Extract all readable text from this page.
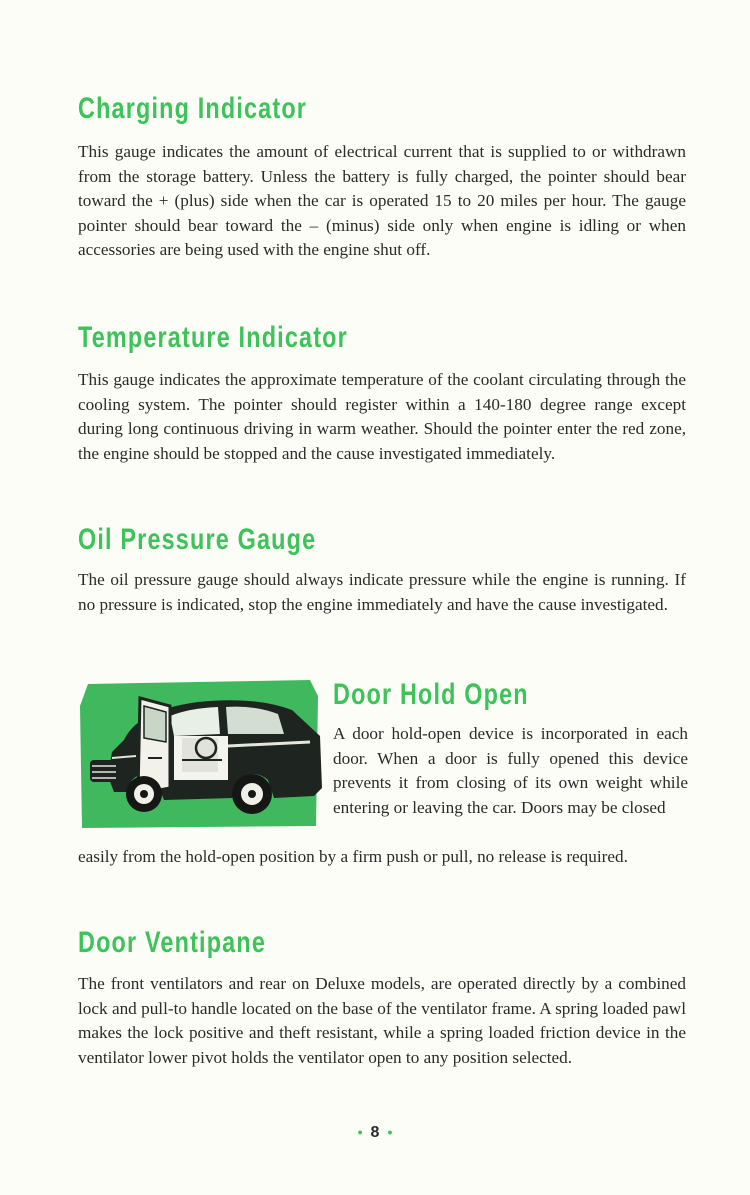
Charging Indicator

This gauge indicates the amount of electrical current that is supplied to or withdrawn from the storage battery. Unless the battery is fully charged, the pointer should bear toward the + (plus) side when the car is operated 15 to 20 miles per hour. The gauge pointer should bear toward the – (minus) side only when engine is idling or when accessories are being used with the engine shut off.

Temperature Indicator

This gauge indicates the approximate temperature of the coolant circulating through the cooling system. The pointer should register within a 140-180 degree range except during long continuous driving in warm weather. Should the pointer enter the red zone, the engine should be stopped and the cause investigated immediately.

Oil Pressure Gauge

The oil pressure gauge should always indicate pressure while the engine is running. If no pressure is indicated, stop the engine immediately and have the cause investigated.

Door Hold Open

A door hold-open device is incorporated in each door. When a door is fully opened this device prevents it from closing of its own weight while entering or leaving the car. Doors may be closed

easily from the hold-open position by a firm push or pull, no release is required.

Door Ventipane

The front ventilators and rear on Deluxe models, are operated directly by a combined lock and pull-to handle located on the base of the ventilator frame. A spring loaded pawl makes the lock positive and theft resistant, while a spring loaded friction device in the ventilator lower pivot holds the ventilator open to any position selected.

• 8 •
